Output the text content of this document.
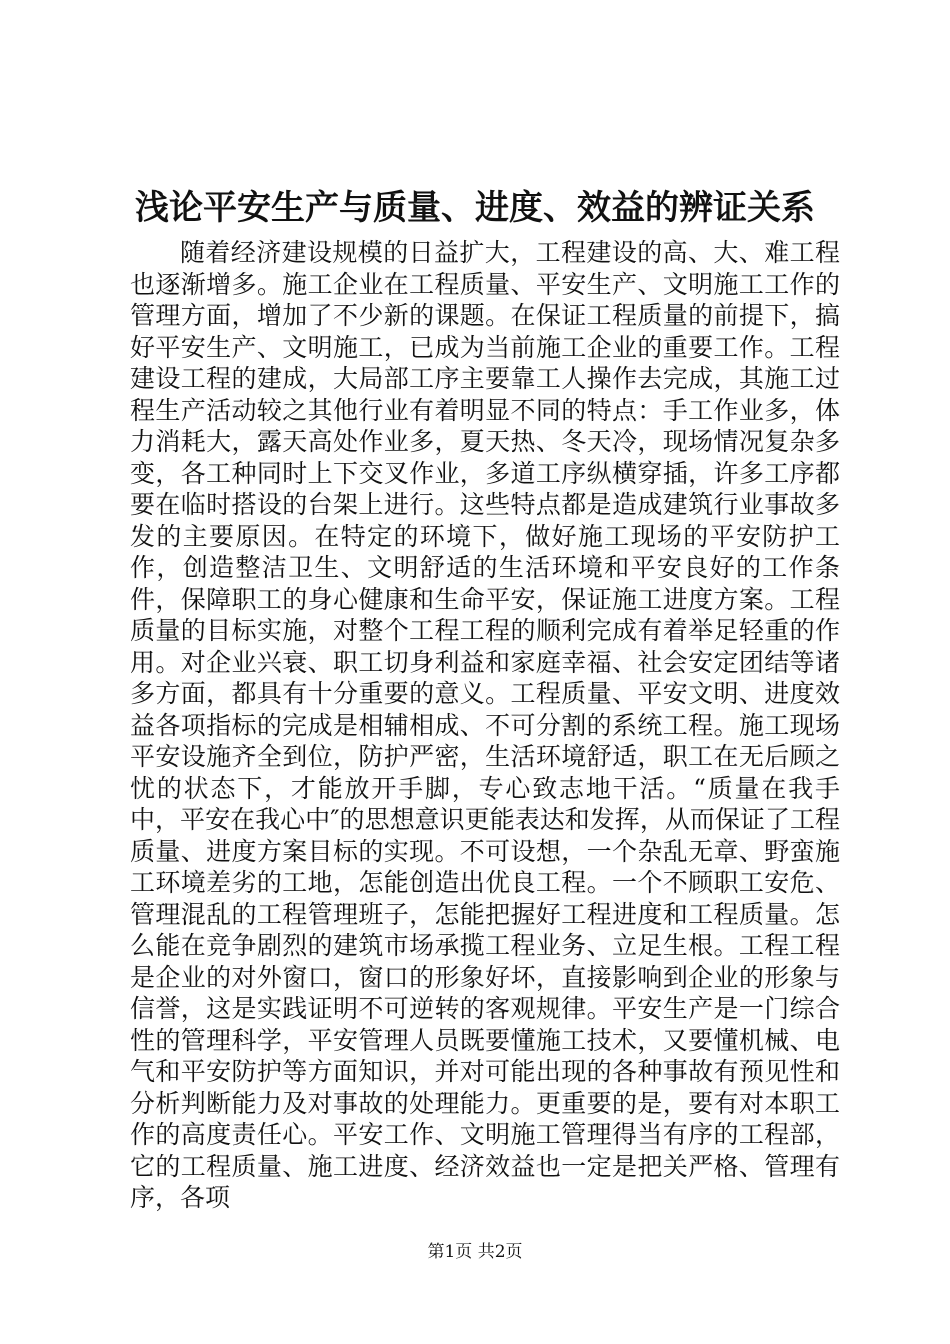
浅论平安生产与质量、进度、效益的辨证关系

随着经济建设规模的日益扩大，工程建设的高、大、难工程也逐渐增多。施工企业在工程质量、平安生产、文明施工工作的管理方面，增加了不少新的课题。在保证工程质量的前提下，搞好平安生产、文明施工，已成为当前施工企业的重要工作。工程建设工程的建成，大局部工序主要靠工人操作去完成，其施工过程生产活动较之其他行业有着明显不同的特点：手工作业多，体力消耗大，露天高处作业多，夏天热、冬天冷，现场情况复杂多变，各工种同时上下交叉作业，多道工序纵横穿插，许多工序都要在临时搭设的台架上进行。这些特点都是造成建筑行业事故多发的主要原因。在特定的环境下，做好施工现场的平安防护工作，创造整洁卫生、文明舒适的生活环境和平安良好的工作条件，保障职工的身心健康和生命平安，保证施工进度方案。工程质量的目标实施，对整个工程工程的顺利完成有着举足轻重的作用。对企业兴衰、职工切身利益和家庭幸福、社会安定团结等诸多方面，都具有十分重要的意义。工程质量、平安文明、进度效益各项指标的完成是相辅相成、不可分割的系统工程。施工现场平安设施齐全到位，防护严密，生活环境舒适，职工在无后顾之忧的状态下，才能放开手脚，专心致志地干活。“质量在我手中，平安在我心中″的思想意识更能表达和发挥，从而保证了工程质量、进度方案目标的实现。不可设想，一个杂乱无章、野蛮施工环境差劣的工地，怎能创造出优良工程。一个不顾职工安危、管理混乱的工程管理班子，怎能把握好工程进度和工程质量。怎么能在竞争剧烈的建筑市场承揽工程业务、立足生根。工程工程是企业的对外窗口，窗口的形象好坏，直接影响到企业的形象与信誉，这是实践证明不可逆转的客观规律。平安生产是一门综合性的管理科学，平安管理人员既要懂施工技术，又要懂机械、电气和平安防护等方面知识，并对可能出现的各种事故有预见性和分析判断能力及对事故的处理能力。更重要的是，要有对本职工作的高度责任心。平安工作、文明施工管理得当有序的工程部，它的工程质量、施工进度、经济效益也一定是把关严格、管理有序，各项

第1页 共2页
